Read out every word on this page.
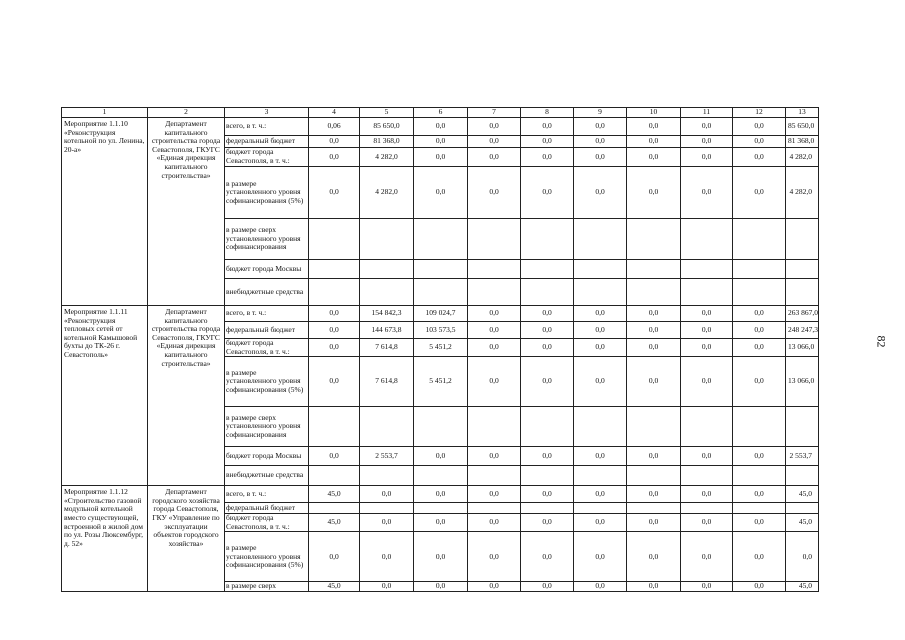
1	2	3	4	5	6	7	8	9	10	11	12	13
Мероприятие 1.1.10 «Реконструкция котельной по ул. Ленина, 20-а»	Департамент капитального строительства города Севастополя, ГКУГС «Единая дирекция капитального строительства»	всего, в т. ч.:	0,06	85 650,0	0,0	0,0	0,0	0,0	0,0	0,0	0,0	85 650,0
		федеральный бюджет	0,0	81 368,0	0,0	0,0	0,0	0,0	0,0	0,0	0,0	81 368,0
		бюджет города Севастополя, в т. ч.:	0,0	4 282,0	0,0	0,0	0,0	0,0	0,0	0,0	0,0	4 282,0
		в размере установленного уровня софинансирования (5%)	0,0	4 282,0	0,0	0,0	0,0	0,0	0,0	0,0	0,0	4 282,0
		в размере сверх установленного уровня софинансирования										
		бюджет города Москвы										
		внебюджетные средства										
Мероприятие 1.1.11 «Реконструкция тепловых сетей от котельной Камышовой бухты до ТК-26 г. Севастополь»	Департамент капитального строительства города Севастополя, ГКУГС «Единая дирекция капитального строительства»	всего, в т. ч.:	0,0	154 842,3	109 024,7	0,0	0,0	0,0	0,0	0,0	0,0	263 867,0
		федеральный бюджет	0,0	144 673,8	103 573,5	0,0	0,0	0,0	0,0	0,0	0,0	248 247,3
		бюджет города Севастополя, в т. ч.:	0,0	7 614,8	5 451,2	0,0	0,0	0,0	0,0	0,0	0,0	13 066,0
		в размере установленного уровня софинансирования (5%)	0,0	7 614,8	5 451,2	0,0	0,0	0,0	0,0	0,0	0,0	13 066,0
		в размере сверх установленного уровня софинансирования										
		бюджет города Москвы	0,0	2 553,7	0,0	0,0	0,0	0,0	0,0	0,0	0,0	2 553,7
		внебюджетные средства										
Мероприятие 1.1.12 «Строительство газовой модульной котельной вместо существующей, встроенной в жилой дом по ул. Розы Люксембург, д. 52»	Департамент городского хозяйства города Севастополя, ГКУ «Управление по эксплуатации объектов городского хозяйства»	всего, в т. ч.:	45,0	0,0	0,0	0,0	0,0	0,0	0,0	0,0	0,0	45,0
		федеральный бюджет										
		бюджет города Севастополя, в т. ч.:	45,0	0,0	0,0	0,0	0,0	0,0	0,0	0,0	0,0	45,0
		в размере установленного уровня софинансирования (5%)	0,0	0,0	0,0	0,0	0,0	0,0	0,0	0,0	0,0	0,0
		в размере сверх	45,0	0,0	0,0	0,0	0,0	0,0	0,0	0,0	0,0	45,0
82
